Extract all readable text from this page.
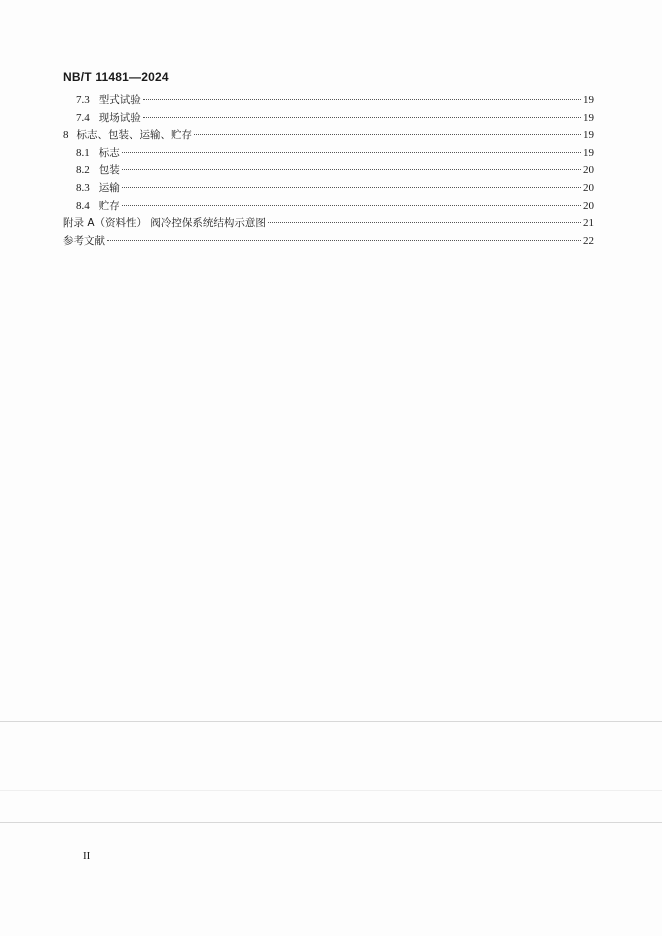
NB/T 11481—2024
7.3 型式试验	19
7.4 现场试验	19
8 标志、包装、运输、贮存	19
8.1 标志	19
8.2 包装	20
8.3 运输	20
8.4 贮存	20
附录 A（资料性） 阀冷控保系统结构示意图	21
参考文献	22
II
